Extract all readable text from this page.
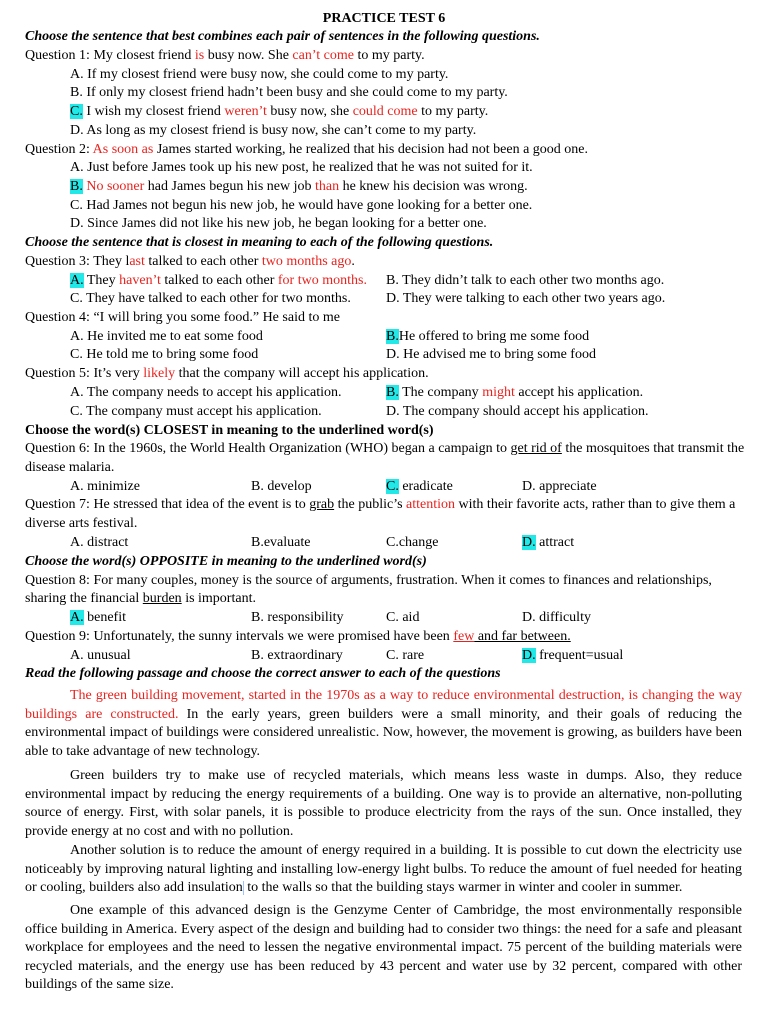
PRACTICE TEST 6
Choose the sentence that best combines each pair of sentences in the following questions.
Question 1: My closest friend is busy now. She can’t come to my party.
A. If my closest friend were busy now, she could come to my party.
B. If only my closest friend hadn’t been busy and she could come to my party.
C. I wish my closest friend weren’t busy now, she could come to my party.
D. As long as my closest friend is busy now, she can’t come to my party.
Question 2: As soon as James started working, he realized that his decision had not been a good one.
A. Just before James took up his new post, he realized that he was not suited for it.
B. No sooner had James begun his new job than he knew his decision was wrong.
C. Had James not begun his new job, he would have gone looking for a better one.
D. Since James did not like his new job, he began looking for a better one.
Choose the sentence that is closest in meaning to each of the following questions.
Question 3: They last talked to each other two months ago.
A. They haven’t talked to each other for two months. B. They didn’t talk to each other two months ago.
C. They have talked to each other for two months.	D. They were talking to each other two years ago.
Question 4: “I will bring you some food.” He said to me
A. He invited me to eat some food	B.He offered to bring me some food
C. He told me to bring some food	D. He advised me to bring some food
Question 5: It’s very likely that the company will accept his application.
A. The company needs to accept his application.	B. The company might accept his application.
C. The company must accept his application.	D. The company should accept his application.
Choose the word(s) CLOSEST in meaning to the underlined word(s)
Question 6: In the 1960s, the World Health Organization (WHO) began a campaign to get rid of the mosquitoes that transmit the
disease malaria.
A. minimize	B. develop	C. eradicate	D. appreciate
Question 7: He stressed that idea of the event is to grab the public’s attention with their favorite acts, rather than to give them a
diverse arts festival.
A. distract	B.evaluate	C.change	D. attract
Choose the word(s) OPPOSITE in meaning to the underlined word(s)
Question 8: For many couples, money is the source of arguments, frustration. When it comes to finances and relationships,
sharing the financial burden is important.
A. benefit	B. responsibility	C. aid	D. difficulty
Question 9: Unfortunately, the sunny intervals we were promised have been few and far between.
A. unusual	B. extraordinary	C. rare	D. frequent=usual
Read the following passage and choose the correct answer to each of the questions
The green building movement, started in the 1970s as a way to reduce environmental destruction, is changing the way buildings are constructed. In the early years, green builders were a small minority, and their goals of reducing the environmental impact of buildings were considered unrealistic. Now, however, the movement is growing, as builders have been able to take advantage of new technology.
Green builders try to make use of recycled materials, which means less waste in dumps. Also, they reduce environmental impact by reducing the energy requirements of a building. One way is to provide an alternative, non-polluting source of energy. First, with solar panels, it is possible to produce electricity from the rays of the sun. Once installed, they provide energy at no cost and with no pollution.
Another solution is to reduce the amount of energy required in a building. It is possible to cut down the electricity use noticeably by improving natural lighting and installing low-energy light bulbs. To reduce the amount of fuel needed for heating or cooling, builders also add insulation to the walls so that the building stays warmer in winter and cooler in summer.
One example of this advanced design is the Genzyme Center of Cambridge, the most environmentally responsible office building in America. Every aspect of the design and building had to consider two things: the need for a safe and pleasant workplace for employees and the need to lessen the negative environmental impact. 75 percent of the building materials were recycled materials, and the energy use has been reduced by 43 percent and water use by 32 percent, compared with other buildings of the same size.
